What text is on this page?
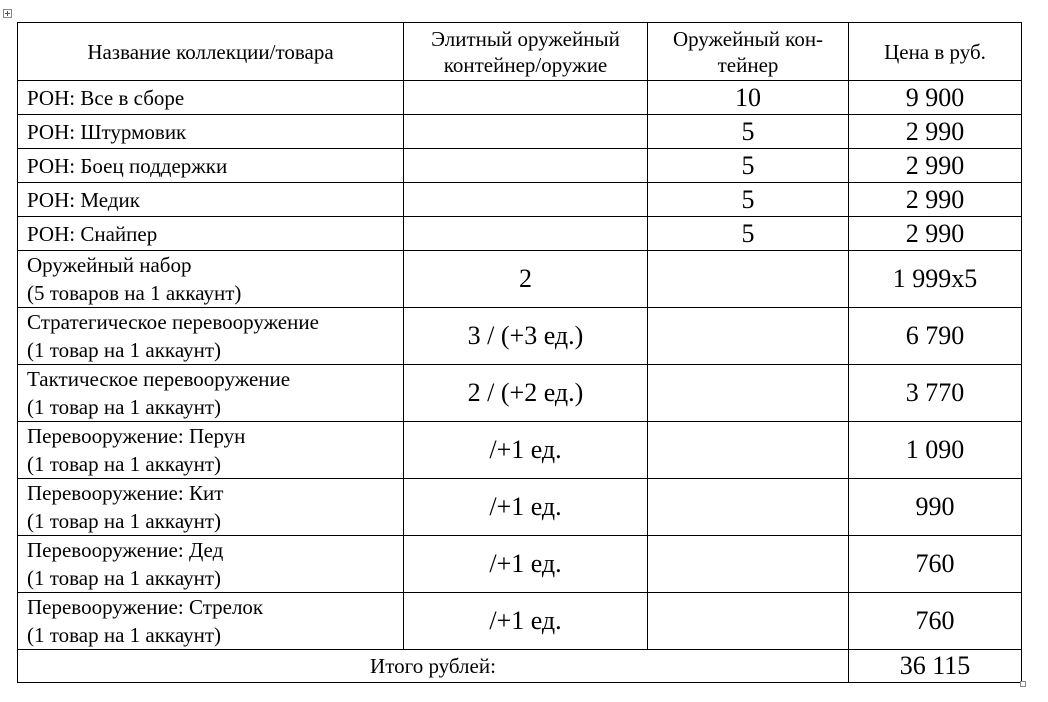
Название коллекции/товара	Элитный оружейный контейнер/оружие	Оружейный кон-тейнер	Цена в руб.

РОН: Все в сборе		10	9 900

РОН: Штурмовик		5	2 990

РОН: Боец поддержки		5	2 990

РОН: Медик		5	2 990

РОН: Снайпер		5	2 990

Оружейный набор
(5 товаров на 1 аккаунт)	2		1 999х5

Стратегическое перевооружение
(1 товар на 1 аккаунт)	3 / (+3 ед.)		6 790

Тактическое перевооружение
(1 товар на 1 аккаунт)	2 / (+2 ед.)		3 770

Перевооружение: Перун
(1 товар на 1 аккаунт)	/+1 ед.		1 090

Перевооружение: Кит
(1 товар на 1 аккаунт)	/+1 ед.		990

Перевооружение: Дед
(1 товар на 1 аккаунт)	/+1 ед.		760

Перевооружение: Стрелок
(1 товар на 1 аккаунт)	/+1 ед.		760
Итого рублей:			36 115
